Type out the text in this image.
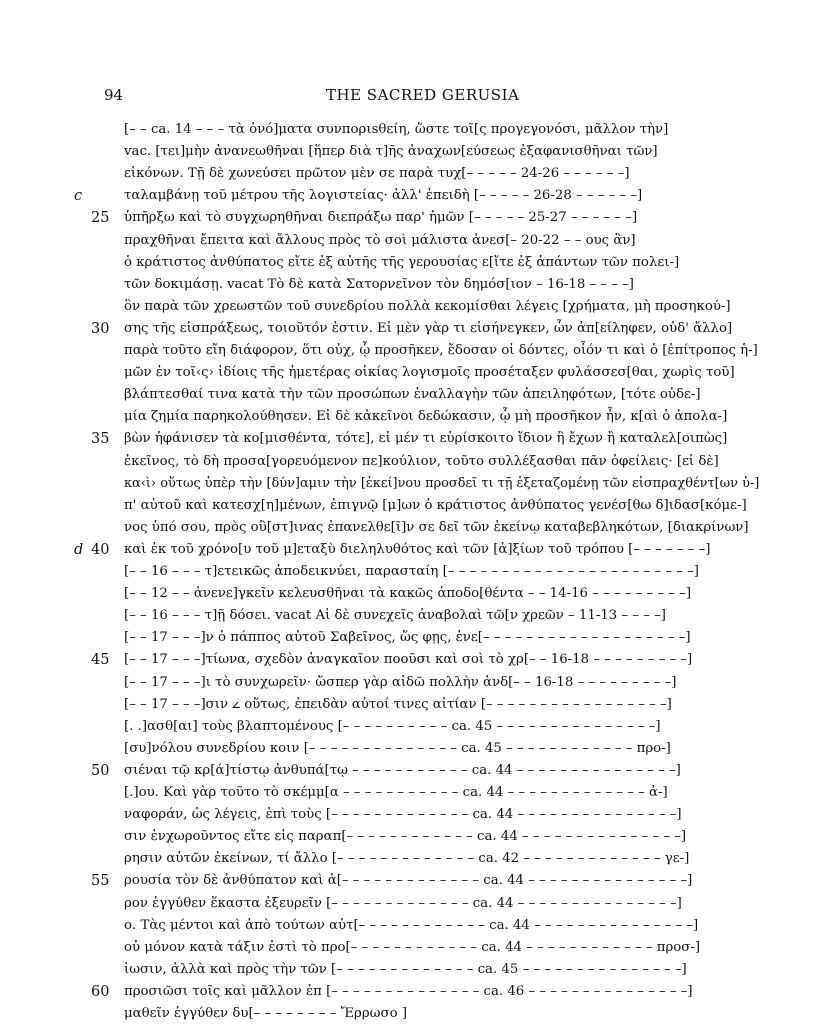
94	THE SACRED GERUSIA
[– – ca. 14 – – – τὰ ὀνό]ματα συνποριsθείη, ὥστε τοῖ[ς προγεγονόσι, μᾶλλον τὴν]
vac. [τει]μὴν ἀνανεωθῆναι [ἥπερ διὰ τ]ῆς ἀναχων[εύσεως ἐξαφανισθῆναι τῶν]
εἰκόνων. Τῇ δὲ χωνεύσει πρῶτον μὲν σε παρὰ τυχ[– – – – – 24-26 – – – – – –]
ταλαμβάνῃ τοῦ μέτρου τῆς λογιστείας· ἀλλ' ἐπειδὴ [– – – – – 26-28 – – – – – –]
ὑπῆρξω καὶ τὸ συγχωρηθῆναι διεπράξω παρ' ἡμῶν [– – – – – 25-27 – – – – – –]
πραχθῆναι ἔπειτα καὶ ἄλλους πρὸς τὸ σοὶ μάλιστα ἀνεσ[– 20-22 – – ους ἂν]
ὁ κράτιστος ἀνθύπατος εἴτε ἐξ αὐτῆς τῆς γερουσίας ε[ἴτε ἐξ ἁπάντων τῶν πολει-]
τῶν δοκιμάσῃ. vacat Τὸ δὲ κατὰ Σατορνεῖνον τὸν δημόσ[ιον – 16-18 – – – –]
ὃν παρὰ τῶν χρεωστῶν τοῦ συνεδρίου πολλὰ κεκομίσθαι λέγεις [χρήματα, μὴ προσηκού-]
σης τῆς εἰσπράξεως, τοιοῦτόν ἐστιν. Εἰ μὲν γὰρ τι εἰσήνεγκεν, ὧν ἀπ[είληφεν, οὐδ' ἄλλο]
παρὰ τοῦτο εἴη διάφορον, ὅτι οὐχ, ᾧ προσῆκεν, ἔδοσαν οἱ δόντες, οἷόν τι καὶ ὁ [ἐπίτροπος ἡ-]
μῶν ἐν τοῖ‹ς› ἰδίοις τῆς ἡμετέρας οἰκίας λογισμοῖς προσέταξεν φυλάσσεσ[θαι, χωρὶς τοῦ]
βλάπτεσθαί τινα κατὰ τὴν τῶν προσώπων ἐναλλαγὴν τῶν ἀπειληφότων, [τότε οὐδε-]
μία ζημία παρηκολούθησεν. Εἰ δὲ κἀκεῖνοι δεδώκασιν, ᾧ μὴ προσῆκον ἦν, κ[αὶ ὁ ἀπολα-]
βὼν ἠφάνισεν τὰ κο[μισθέντα, τότε], εἰ μέν τι εὑρίσκοιτο ἴδιον ἢ ἔχων ἢ καταλελ[οιπὼς]
ἐκεῖνος, τὸ δὴ προσα[γορευόμενον πε]κούλιον, τοῦτο συλλέξασθαι πᾶν ὀφείλεις· [εἰ δὲ]
κα‹ὶ› οὕτως ὑπὲρ τὴν [δύν]αμιν τὴν [ἐκεί]νου προσδεῖ τι τῇ ἐξεταζομένῃ τῶν εἰσπραχθέντ[ων ὑ-]
π' αὐτοῦ καὶ κατεσχ[η]μένων, ἐπιγνῷ [μ]ων ὁ κράτιστος ἀνθύπατος γενέσ[θω δ]ιδασ[κόμε-]
νος ὑπό σου, πρὸς οὓ[στ]ινας ἐπανελθε[ῖ]ν σε δεῖ τῶν ἐκείνῳ καταβεβληκότων, [διακρίνων]
καὶ ἐκ τοῦ χρόνο[υ τοῦ μ]εταξὺ διεληλυθότος καὶ τῶν [ἀ]ξίων τοῦ τρόπου [– – – – – – –]
[– – 16 – – – τ]ετεικῶς ἀποδεικνύει, παρασταίη [– – – – – – – – – – – – – – – – – – – – – – –]
[– – 12 – – ἀνενε]γκεῖν κελευσθῆναι τὰ κακῶς ἀποδο[θέντα – – 14-16 – – – – – – – – –]
[– – 16 – – – τ]ῇ δόσει. vacat Αἱ δὲ συνεχεῖς ἀναβολαὶ τῶ[ν χρεῶν – 11-13 – – – –]
[– – 17 – – –]ν ὁ πάππος αὐτοῦ Σαβεῖνος, ὥς φῃς, ἐνε[– – – – – – – – – – – – – – – – – – –]
[– – 17 – – –]τίωνα, σχεδὸν ἀναγκαῖον ποοῦσι καὶ σοὶ τὸ χρ[– – 16-18 – – – – – – – – –]
[– – 17 – – –]ι τὸ συνχωρεῖν· ὥσπερ γὰρ αἰδῶ πολλὴν ἀνδ[– – 16-18 – – – – – – – – –]
[– – 17 – – –]σιν 𐅵 οὕτως, ἐπειδὰν αὐτοί τινες αἰτίαν [– – – – – – – – – – – – – – – – –]
[. .]ασθ[αι] τοὺς βλαπτομένους [– – – – – – – – – – ca. 45 – – – – – – – – – – – – – – –]
[συ]νόλου συνεδρίου κοιν [– – – – – – – – – – – – – – ca. 45 – – – – – – – – – – – – προ-]
σιέναι τῷ κρ[ά]τίστῳ ἀνθυπά[τῳ – – – – – – – – – – – ca. 44 – – – – – – – – – – – – – – –]
[.]ου. Καὶ γὰρ τοῦτο τὸ σκέμμ[α – – – – – – – – – – – ca. 44 – – – – – – – – – – – – – ἀ-]
ναφοράν, ὡς λέγεις, ἐπὶ τοὺς [– – – – – – – – – – – – – ca. 44 – – – – – – – – – – – – – – –]
σιν ἐνχωροῦντος εἴτε εἰς παραπ[– – – – – – – – – – – – ca. 44 – – – – – – – – – – – – – – –]
ρησιν αὐτῶν ἐκείνων, τί ἄλλο [– – – – – – – – – – – – – ca. 42 – – – – – – – – – – – – – γε-]
ρουσία τὸν δὲ ἀνθύπατον καὶ ἀ[– – – – – – – – – – – – – ca. 44 – – – – – – – – – – – – – – –]
ρον ἐγγύθεν ἕκαστα ἐξευρεῖν [– – – – – – – – – – – – – ca. 44 – – – – – – – – – – – – – – –]
ο. Τὰς μέντοι καὶ ἀπὸ τούτων αὐτ[– – – – – – – – – – – – ca. 44 – – – – – – – – – – – – – – –]
οὐ μόνον κατὰ τάξιν ἐστὶ τὸ προ[– – – – – – – – – – – – ca. 44 – – – – – – – – – – – – προσ-]
ἰωσιν, ἀλλὰ καὶ πρὸς τὴν τῶν [– – – – – – – – – – – – – ca. 45 – – – – – – – – – – – – – – –]
προσιῶσι τοῖς καὶ μᾶλλον ἐπ [– – – – – – – – – – – – – – ca. 46 – – – – – – – – – – – – – – –]
μαθεῖν ἐγγύθεν δυ[– – – – – – – – Ἔρρωσο ]
25
30
35
40
45
50
55
60
c
d
